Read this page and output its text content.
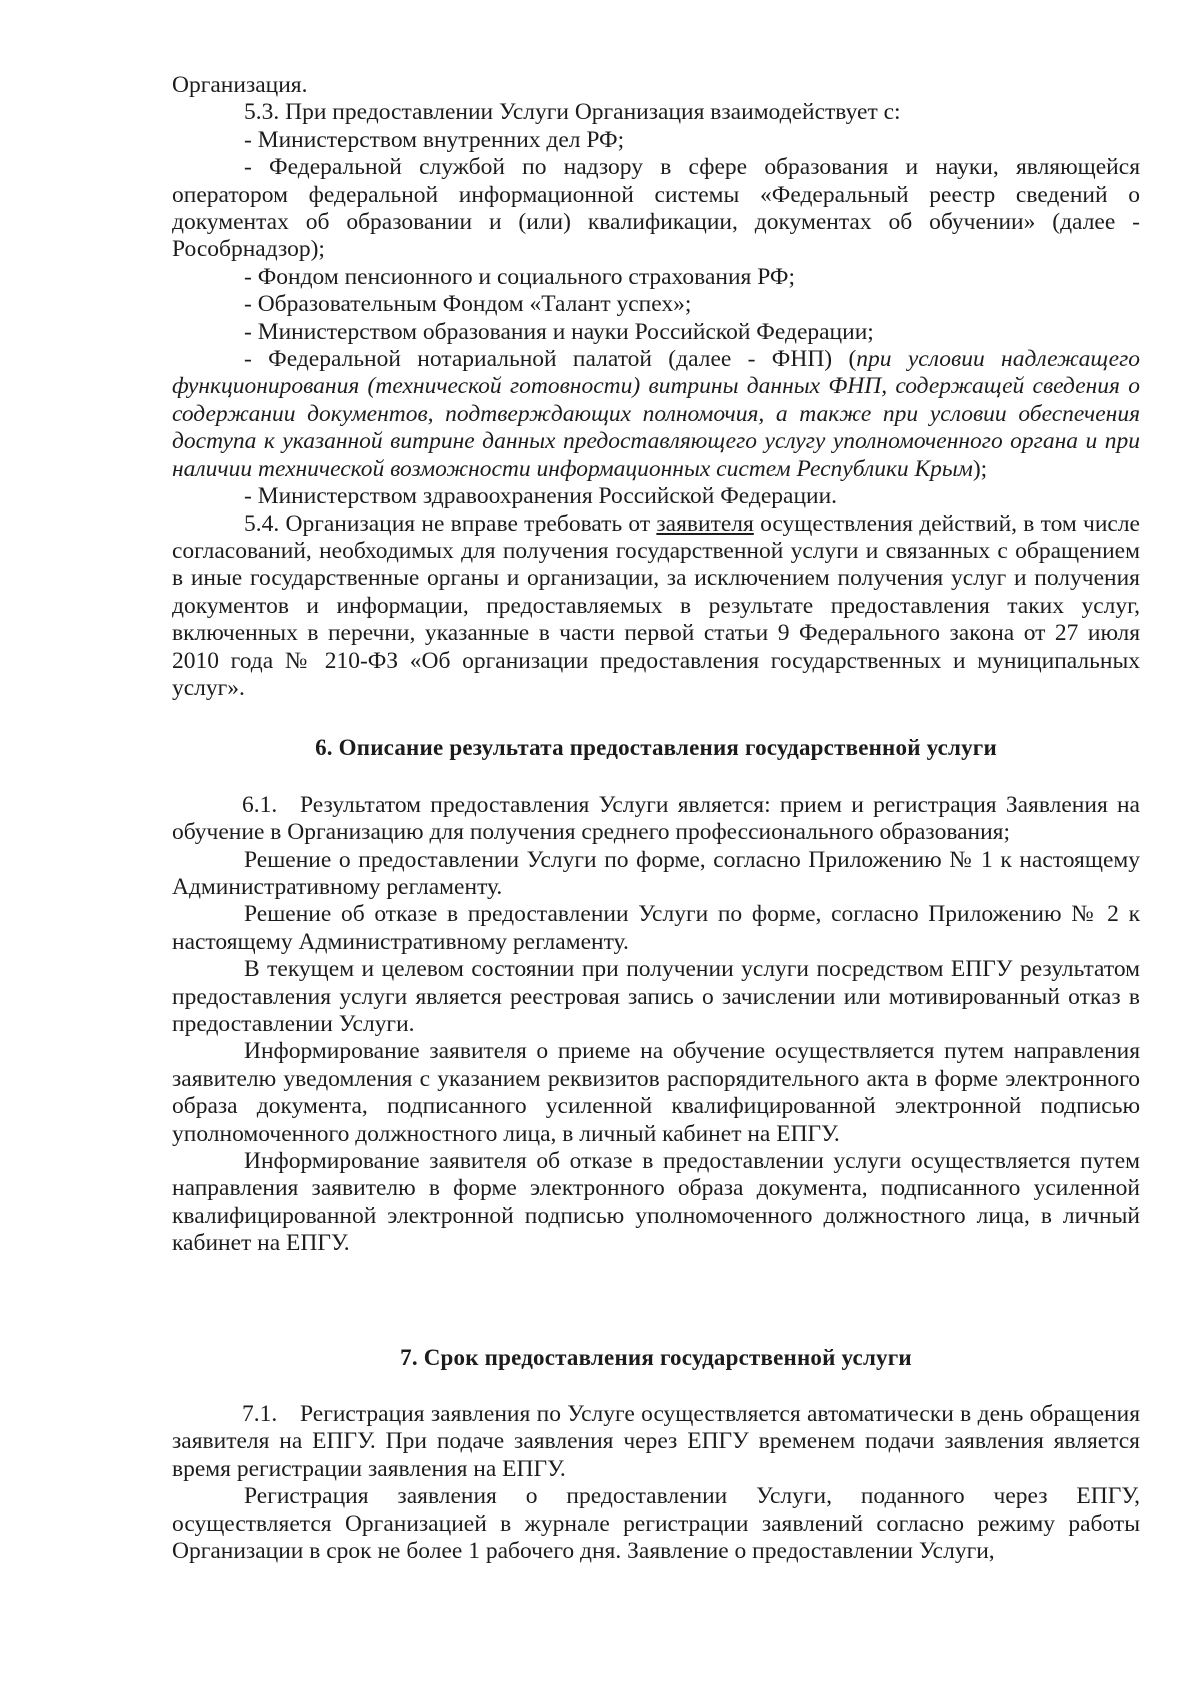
Организация.

5.3. При предоставлении Услуги Организация взаимодействует с:

- Министерством внутренних дел РФ;

- Федеральной службой по надзору в сфере образования и науки, являющейся оператором федеральной информационной системы «Федеральный реестр сведений о документах об образовании и (или) квалификации, документах об обучении» (далее - Рособрнадзор);

- Фондом пенсионного и социального страхования РФ;

- Образовательным Фондом «Талант успех»;

- Министерством образования и науки Российской Федерации;

- Федеральной нотариальной палатой (далее - ФНП) (при условии надлежащего функционирования (технической готовности) витрины данных ФНП, содержащей сведения о содержании документов, подтверждающих полномочия, а также при условии обеспечения доступа к указанной витрине данных предоставляющего услугу уполномоченного органа и при наличии технической возможности информационных систем Республики Крым);

- Министерством здравоохранения Российской Федерации.

5.4. Организация не вправе требовать от заявителя осуществления действий, в том числе согласований, необходимых для получения государственной услуги и связанных с обращением в иные государственные органы и организации, за исключением получения услуг и получения документов и информации, предоставляемых в результате предоставления таких услуг, включенных в перечни, указанные в части первой статьи 9 Федерального закона от 27 июля 2010 года № 210-ФЗ «Об организации предоставления государственных и муниципальных услуг».

6. Описание результата предоставления государственной услуги

6.1. Результатом предоставления Услуги является: прием и регистрация Заявления на обучение в Организацию для получения среднего профессионального образования;

Решение о предоставлении Услуги по форме, согласно Приложению № 1 к настоящему Административному регламенту.

Решение об отказе в предоставлении Услуги по форме, согласно Приложению № 2 к настоящему Административному регламенту.

В текущем и целевом состоянии при получении услуги посредством ЕПГУ результатом предоставления услуги является реестровая запись о зачислении или мотивированный отказ в предоставлении Услуги.

Информирование заявителя о приеме на обучение осуществляется путем направления заявителю уведомления с указанием реквизитов распорядительного акта в форме электронного образа документа, подписанного усиленной квалифицированной электронной подписью уполномоченного должностного лица, в личный кабинет на ЕПГУ.

Информирование заявителя об отказе в предоставлении услуги осуществляется путем направления заявителю в форме электронного образа документа, подписанного усиленной квалифицированной электронной подписью уполномоченного должностного лица, в личный кабинет на ЕПГУ.

7. Срок предоставления государственной услуги

7.1. Регистрация заявления по Услуге осуществляется автоматически в день обращения заявителя на ЕПГУ. При подаче заявления через ЕПГУ временем подачи заявления является время регистрации заявления на ЕПГУ.

Регистрация заявления о предоставлении Услуги, поданного через ЕПГУ, осуществляется Организацией в журнале регистрации заявлений согласно режиму работы Организации в срок не более 1 рабочего дня. Заявление о предоставлении Услуги,
